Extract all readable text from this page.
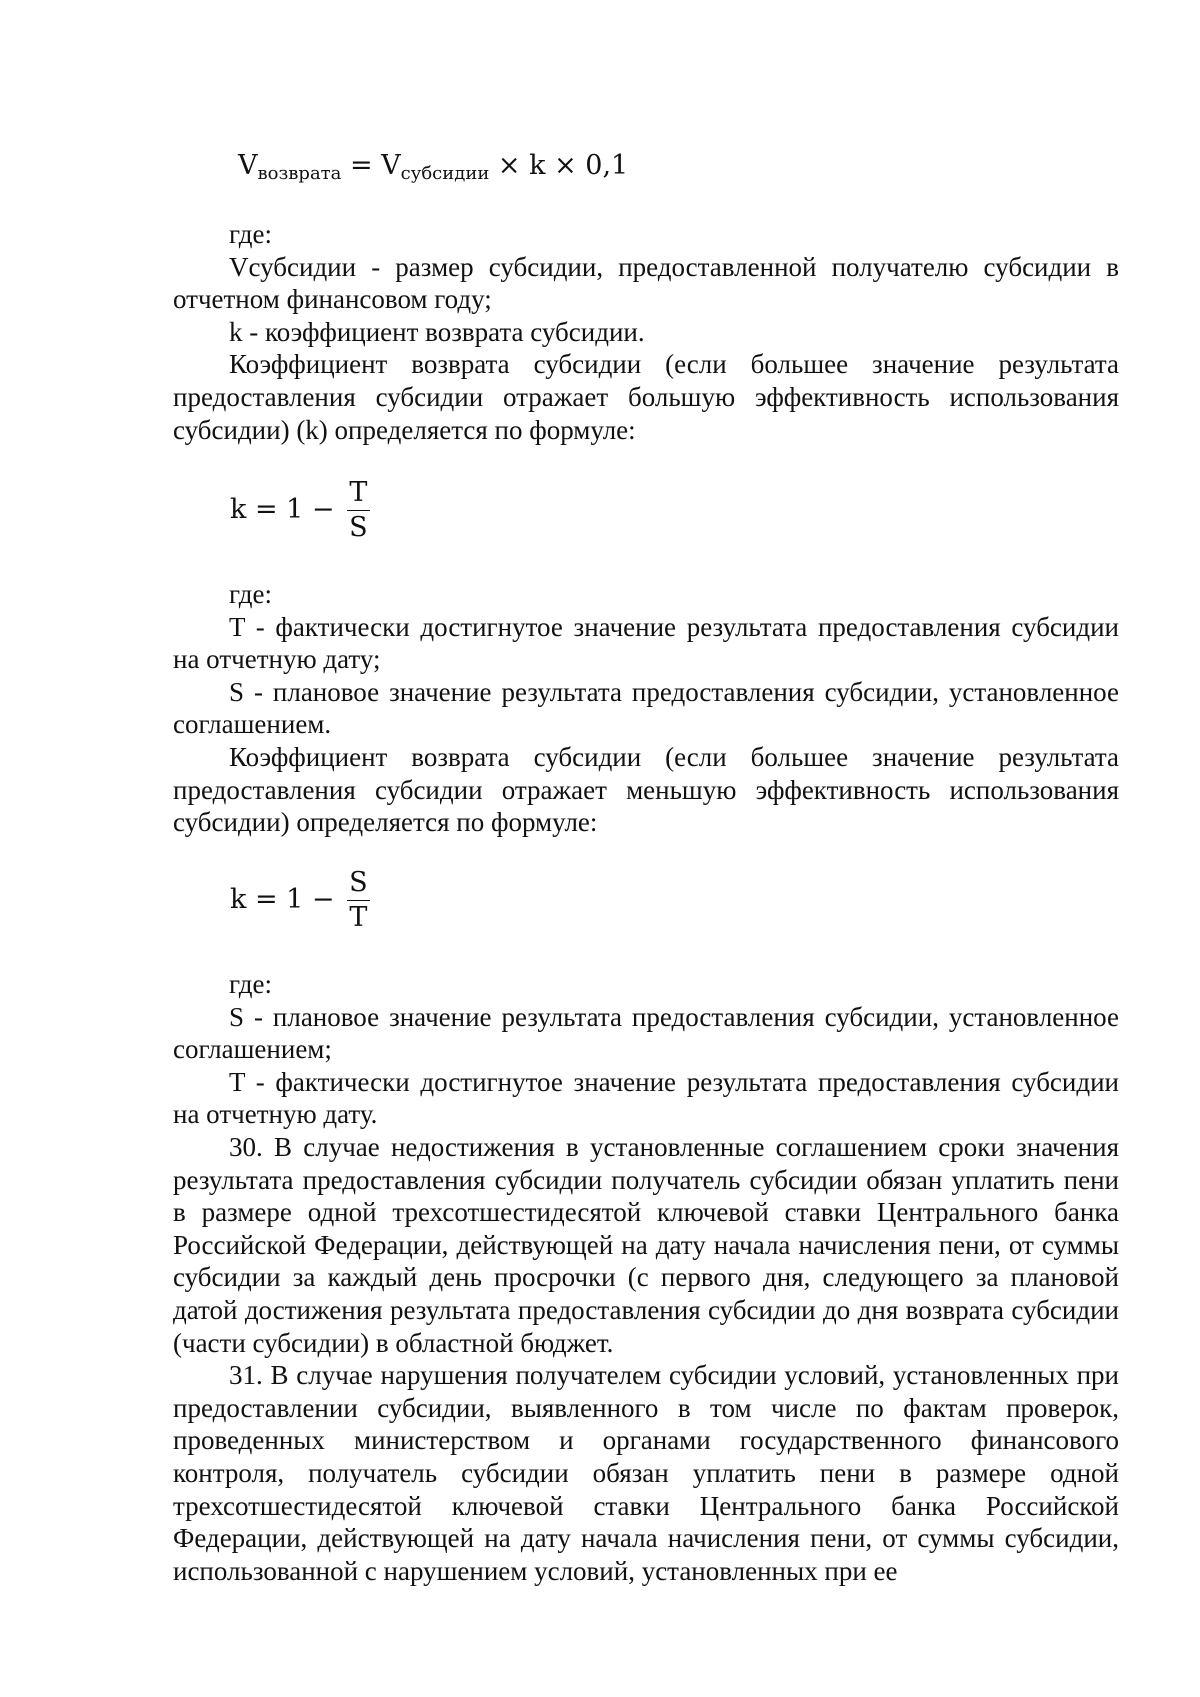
$V_{возврата} = V_{субсидии} \times k \times 0,1$

где:

Vсубсидии - размер субсидии, предоставленной получателю субсидии в отчетном финансовом году;

k - коэффициент возврата субсидии.

Коэффициент возврата субсидии (если большее значение результата предоставления субсидии отражает большую эффективность использования субсидии) (k) определяется по формуле:

$k = 1 - \frac{T}{S}$

где:

T - фактически достигнутое значение результата предоставления субсидии на отчетную дату;

S - плановое значение результата предоставления субсидии, установленное соглашением.

Коэффициент возврата субсидии (если большее значение результата предоставления субсидии отражает меньшую эффективность использования субсидии) определяется по формуле:

$k = 1 - \frac{S}{T}$

где:

S - плановое значение результата предоставления субсидии, установленное соглашением;

T - фактически достигнутое значение результата предоставления субсидии на отчетную дату.

30. В случае недостижения в установленные соглашением сроки значения результата предоставления субсидии получатель субсидии обязан уплатить пени в размере одной трехсотшестидесятой ключевой ставки Центрального банка Российской Федерации, действующей на дату начала начисления пени, от суммы субсидии за каждый день просрочки (с первого дня, следующего за плановой датой достижения результата предоставления субсидии до дня возврата субсидии (части субсидии) в областной бюджет.

31. В случае нарушения получателем субсидии условий, установленных при предоставлении субсидии, выявленного в том числе по фактам проверок, проведенных министерством и органами государственного финансового контроля, получатель субсидии обязан уплатить пени в размере одной трехсотшестидесятой ключевой ставки Центрального банка Российской Федерации, действующей на дату начала начисления пени, от суммы субсидии, использованной с нарушением условий, установленных при ее
